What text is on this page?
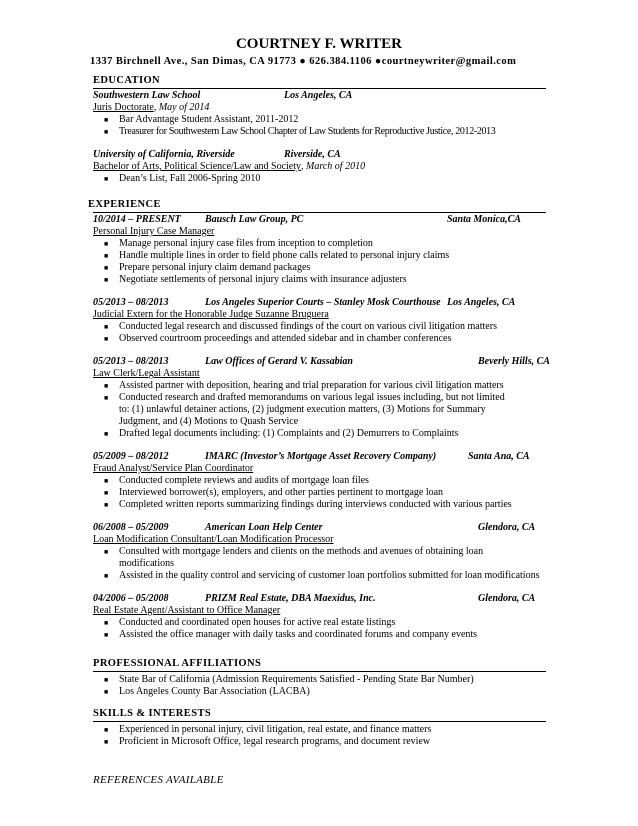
COURTNEY F. WRITER
1337 Birchnell Ave., San Dimas, CA 91773 ● 626.384.1106 ●courtneywriter@gmail.com
EDUCATION
Southwestern Law School	Los Angeles, CA
Juris Doctorate, May of 2014
■ Bar Advantage Student Assistant, 2011-2012
■ Treasurer for Southwestern Law School Chapter of Law Students for Reproductive Justice, 2012-2013
University of California, Riverside	Riverside, CA
Bachelor of Arts, Political Science/Law and Society, March of 2010
■ Dean’s List, Fall 2006-Spring 2010
EXPERIENCE
10/2014 – PRESENT Bausch Law Group, PC	Santa Monica,CA
Personal Injury Case Manager
■ Manage personal injury case files from inception to completion
■ Handle multiple lines in order to field phone calls related to personal injury claims
■ Prepare personal injury claim demand packages
■ Negotiate settlements of personal injury claims with insurance adjusters
05/2013 – 08/2013	Los Angeles Superior Courts – Stanley Mosk Courthouse Los Angeles, CA
Judicial Extern for the Honorable Judge Suzanne Bruguera
■ Conducted legal research and discussed findings of the court on various civil litigation matters
■ Observed courtroom proceedings and attended sidebar and in chamber conferences
05/2013 – 08/2013	Law Offices of Gerard V. Kassabian	Beverly Hills, CA
Law Clerk/Legal Assistant
■ Assisted partner with deposition, hearing and trial preparation for various civil litigation matters
■ Conducted research and drafted memorandums on various legal issues including, but not limited
to: (1) unlawful detainer actions, (2) judgment execution matters, (3) Motions for Summary
Judgment, and (4) Motions to Quash Service
■ Drafted legal documents including: (1) Complaints and (2) Demurrers to Complaints
05/2009 – 08/2012	IMARC (Investor’s Mortgage Asset Recovery Company)	Santa Ana, CA
Fraud Analyst/Service Plan Coordinator
■ Conducted complete reviews and audits of mortgage loan files
■ Interviewed borrower(s), employers, and other parties pertinent to mortgage loan
■ Completed written reports summarizing findings during interviews conducted with various parties
06/2008 – 05/2009	American Loan Help Center	Glendora, CA
Loan Modification Consultant/Loan Modification Processor
■ Consulted with mortgage lenders and clients on the methods and avenues of obtaining loan
modifications
■ Assisted in the quality control and servicing of customer loan portfolios submitted for loan modifications
04/2006 – 05/2008	PRIZM Real Estate, DBA Maexidus, Inc.	Glendora, CA
Real Estate Agent/Assistant to Office Manager
■ Conducted and coordinated open houses for active real estate listings
■ Assisted the office manager with daily tasks and coordinated forums and company events
PROFESSIONAL AFFILIATIONS
■ State Bar of California (Admission Requirements Satisfied - Pending State Bar Number)
■ Los Angeles County Bar Association (LACBA)
SKILLS & INTERESTS
■ Experienced in personal injury, civil litigation, real estate, and finance matters
■ Proficient in Microsoft Office, legal research programs, and document review
REFERENCES AVAILABLE
